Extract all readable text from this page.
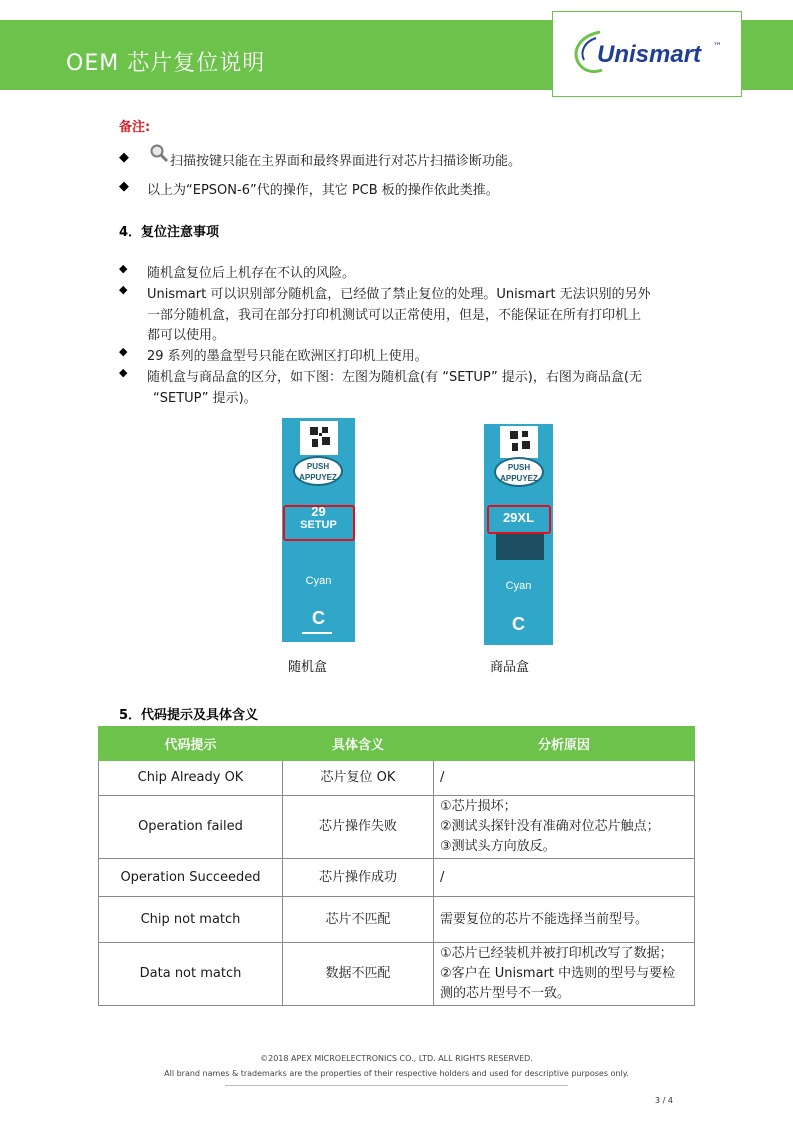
OEM 芯片复位说明	Unismart ™
备注:
◆	扫描按键只能在主界面和最终界面进行对芯片扫描诊断功能。
◆ 以上为“EPSON-6”代的操作，其它 PCB 板的操作依此类推。
4．复位注意事项
◆ 随机盒复位后上机存在不认的风险。
◆ Unismart 可以识别部分随机盒，已经做了禁止复位的处理。Unismart 无法识别的另外
一部分随机盒，我司在部分打印机测试可以正常使用，但是，不能保证在所有打印机上
都可以使用。
◆ 29 系列的墨盒型号只能在欧洲区打印机上使用。
◆ 随机盒与商品盒的区分，如下图：左图为随机盒(有 “SETUP” 提示)，右图为商品盒(无
“SETUP” 提示)。
PUSH
APPUYEZ
29
SETUP
Cyan
C
PUSH
APPUYEZ
29XL
Cyan
C
随机盒	商品盒
5．代码提示及具体含义
代码提示	具体含义	分析原因
Chip Already OK	芯片复位 OK	/
Operation failed	芯片操作失败	①芯片损坏；
②测试头探针没有准确对位芯片触点；
③测试头方向放反。

Operation Succeeded	芯片操作成功	/
Chip not match	芯片不匹配	需要复位的芯片不能选择当前型号。
Data not match	数据不匹配	①芯片已经装机并被打印机改写了数据；
②客户在 Unismart 中选则的型号与要检
测的芯片型号不一致。
©2018 APEX MICROELECTRONICS CO., LTD. ALL RIGHTS RESERVED.
All brand names & trademarks are the properties of their respective holders and used for descriptive purposes only.
3 / 4
